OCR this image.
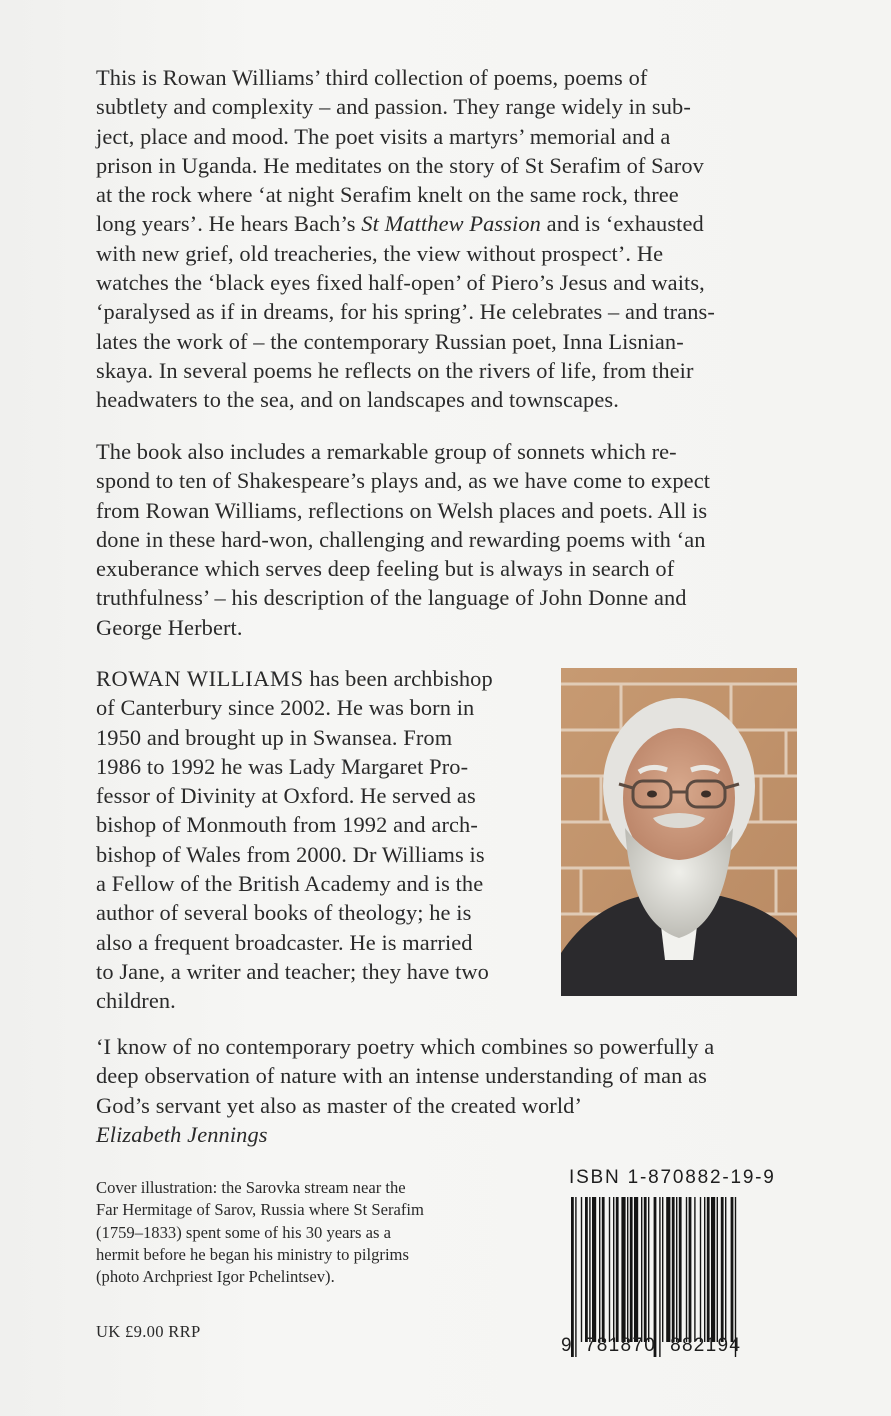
This is Rowan Williams’ third collection of poems, poems of
subtlety and complexity – and passion. They range widely in sub-
ject, place and mood. The poet visits a martyrs’ memorial and a
prison in Uganda. He meditates on the story of St Serafim of Sarov
at the rock where ‘at night Serafim knelt on the same rock, three
long years’. He hears Bach’s St Matthew Passion and is ‘exhausted
with new grief, old treacheries, the view without prospect’. He
watches the ‘black eyes fixed half-open’ of Piero’s Jesus and waits,
‘paralysed as if in dreams, for his spring’. He celebrates – and trans-
lates the work of – the contemporary Russian poet, Inna Lisnian-
skaya. In several poems he reflects on the rivers of life, from their
headwaters to the sea, and on landscapes and townscapes.
The book also includes a remarkable group of sonnets which re-
spond to ten of Shakespeare’s plays and, as we have come to expect
from Rowan Williams, reflections on Welsh places and poets. All is
done in these hard-won, challenging and rewarding poems with ‘an
exuberance which serves deep feeling but is always in search of
truthfulness’ – his description of the language of John Donne and
George Herbert.
ROWAN WILLIAMS has been archbishop
of Canterbury since 2002. He was born in
1950 and brought up in Swansea. From
1986 to 1992 he was Lady Margaret Pro-
fessor of Divinity at Oxford. He served as
bishop of Monmouth from 1992 and arch-
bishop of Wales from 2000. Dr Williams is
a Fellow of the British Academy and is the
author of several books of theology; he is
also a frequent broadcaster. He is married
to Jane, a writer and teacher; they have two
children.
‘I know of no contemporary poetry which combines so powerfully a
deep observation of nature with an intense understanding of man as
God’s servant yet also as master of the created world’
Elizabeth Jennings
Cover illustration: the Sarovka stream near the
Far Hermitage of Sarov, Russia where St Serafim
(1759–1833) spent some of his 30 years as a
hermit before he began his ministry to pilgrims
(photo Archpriest Igor Pchelintsev).
UK £9.00 RRP
ISBN 1-870882-19-9
9 781870 882194
